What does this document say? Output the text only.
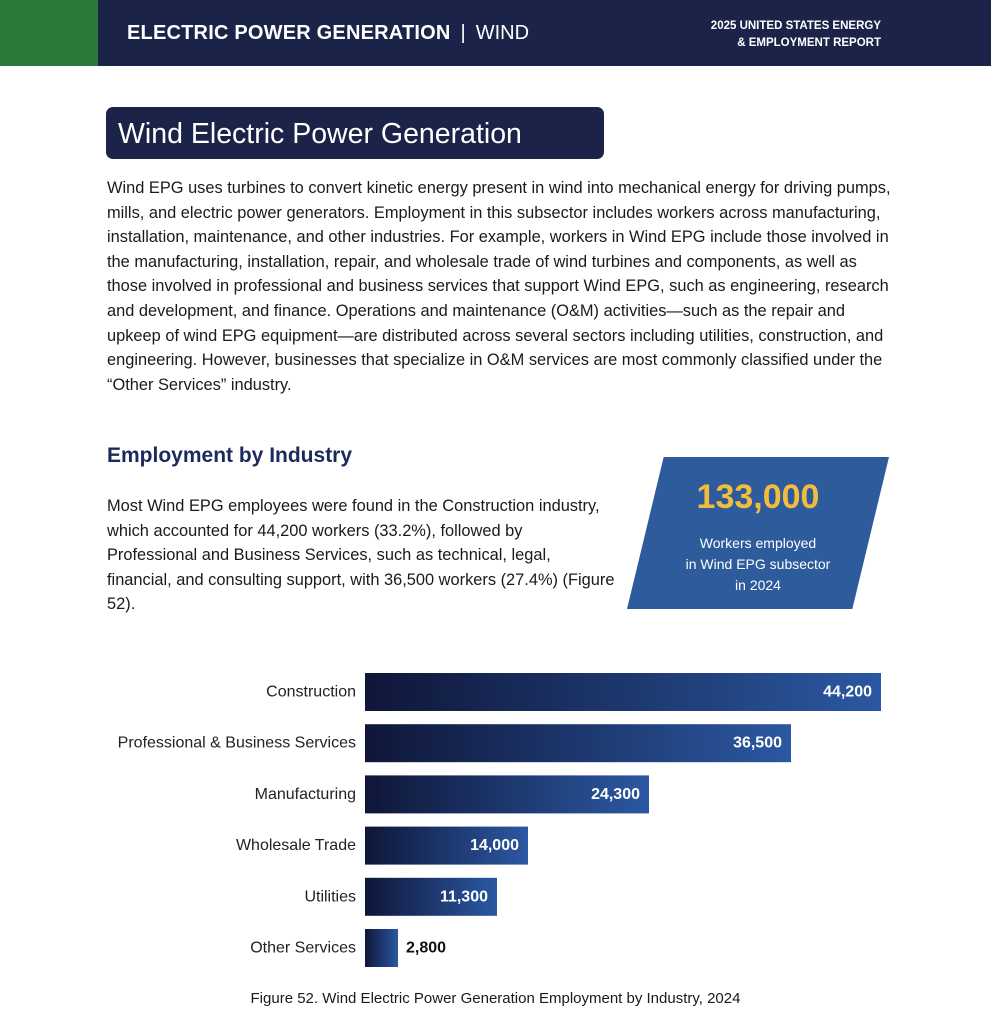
ELECTRIC POWER GENERATION | WIND	2025 UNITED STATES ENERGY
& EMPLOYMENT REPORT
Wind Electric Power Generation

Wind EPG uses turbines to convert kinetic energy present in wind into mechanical energy for driving pumps, mills, and electric power generators. Employment in this subsector includes workers across manufacturing, installation, maintenance, and other industries. For example, workers in Wind EPG include those involved in the manufacturing, installation, repair, and wholesale trade of wind turbines and components, as well as those involved in professional and business services that support Wind EPG, such as engineering, research and development, and finance. Operations and maintenance (O&M) activities—such as the repair and upkeep of wind EPG equipment—are distributed across several sectors including utilities, construction, and engineering. However, businesses that specialize in O&M services are most commonly classified under the “Other Services” industry.

Employment by Industry

Most Wind EPG employees were found in the Construction industry, which accounted for 44,200 workers (33.2%), followed by Professional and Business Services, such as technical, legal, financial, and consulting support, with 36,500 workers (27.4%) (Figure 52).

133,000
Workers employed
in Wind EPG subsector
in 2024
Construction	44,200
Professional & Business Services	36,500
Manufacturing	24,300
Wholesale Trade	14,000
Utilities	11,300
Other Services	2,800
Figure 52. Wind Electric Power Generation Employment by Industry, 2024
